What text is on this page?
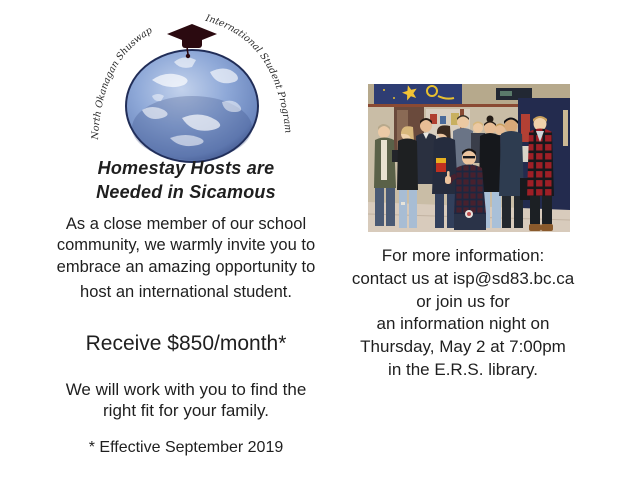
North Okanagan Shuswap
International Student Program
Homestay Hosts are
Needed in Sicamous
As a close member of our school
community, we warmly invite you to
embrace an amazing opportunity to
host an international student.
Receive $850/month*
We will work with you to find the
right fit for your family.
* Effective September 2019
For more information:
contact us at isp@sd83.bc.ca
or join us for
an information night on
Thursday, May 2 at 7:00pm
in the E.R.S. library.
